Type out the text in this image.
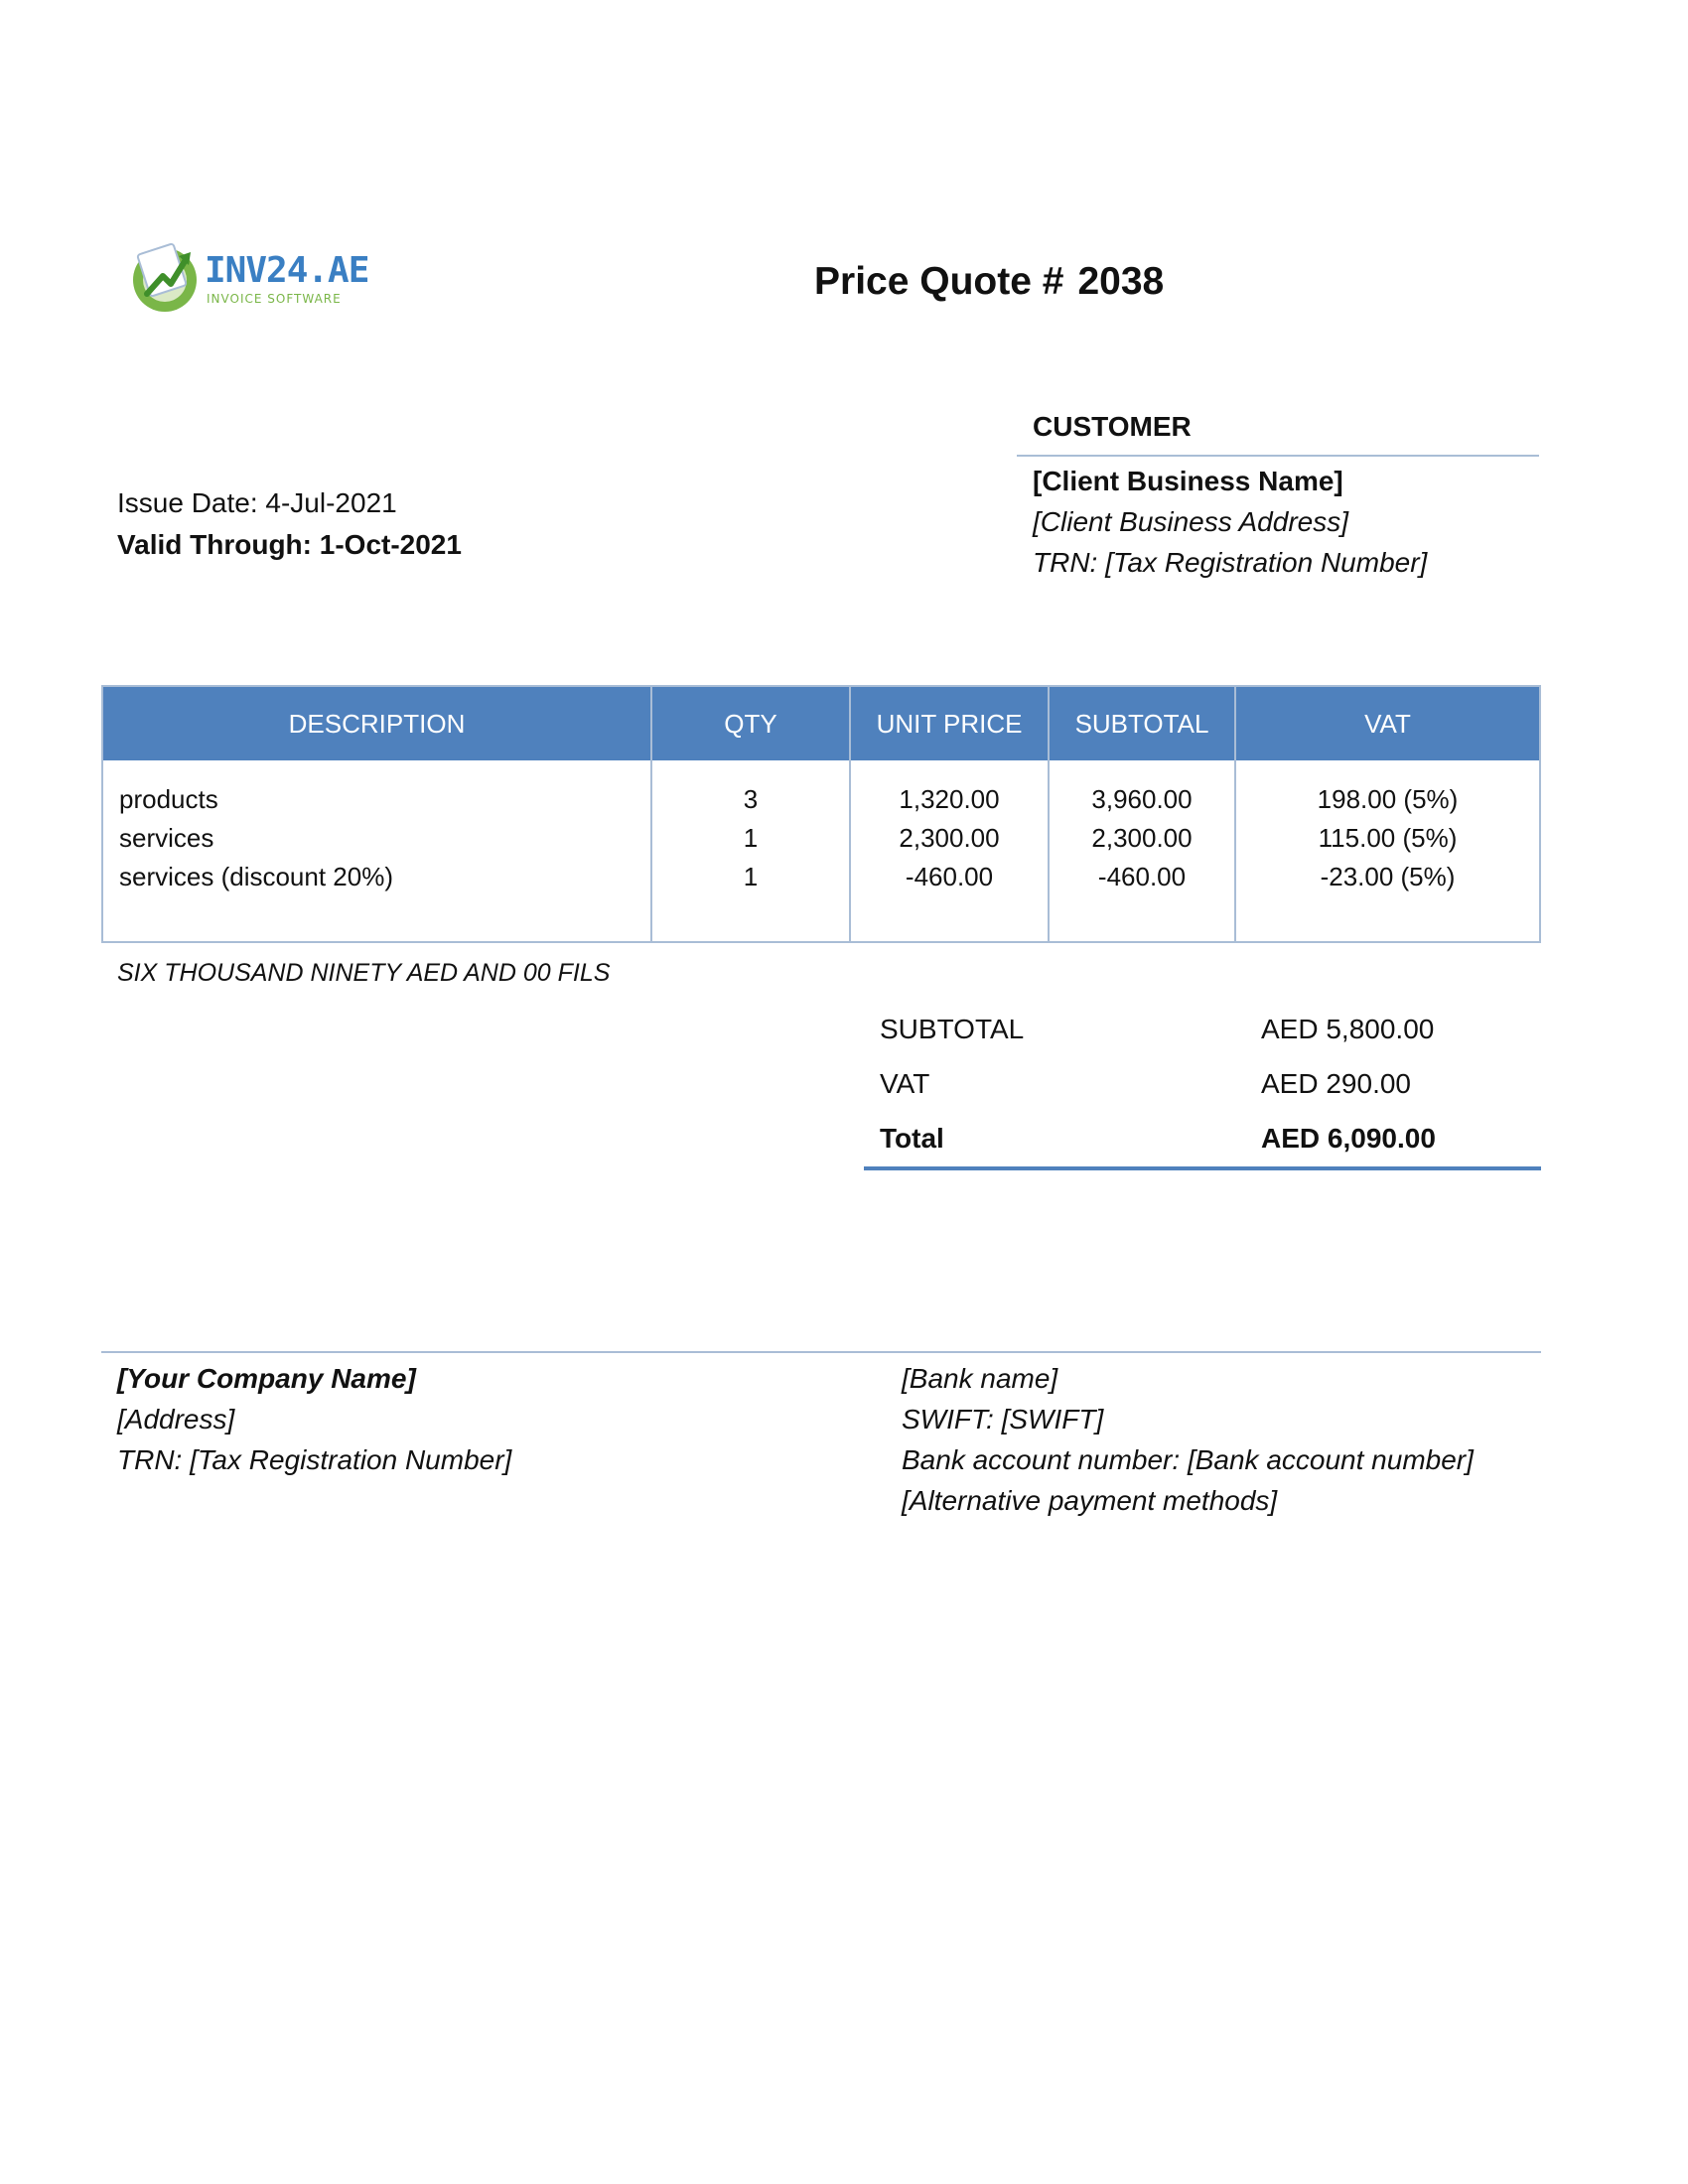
INV24.AE
INVOICE SOFTWARE	Price Quote # 2038
CUSTOMER
[Client Business Name]
[Client Business Address]
TRN: [Tax Registration Number]
Issue Date: 4-Jul-2021
Valid Through: 1-Oct-2021
DESCRIPTION	QTY	UNIT PRICE	SUBTOTAL	VAT
products	3	1,320.00	3,960.00	198.00 (5%)
services	1	2,300.00	2,300.00	115.00 (5%)
services (discount 20%)	1	-460.00	-460.00	-23.00 (5%)
SIX THOUSAND NINETY AED AND 00 FILS
SUBTOTAL	AED 5,800.00
VAT	AED 290.00
Total	AED 6,090.00
[Your Company Name]
[Address]
TRN: [Tax Registration Number]
[Bank name]
SWIFT: [SWIFT]
Bank account number: [Bank account number]
[Alternative payment methods]
